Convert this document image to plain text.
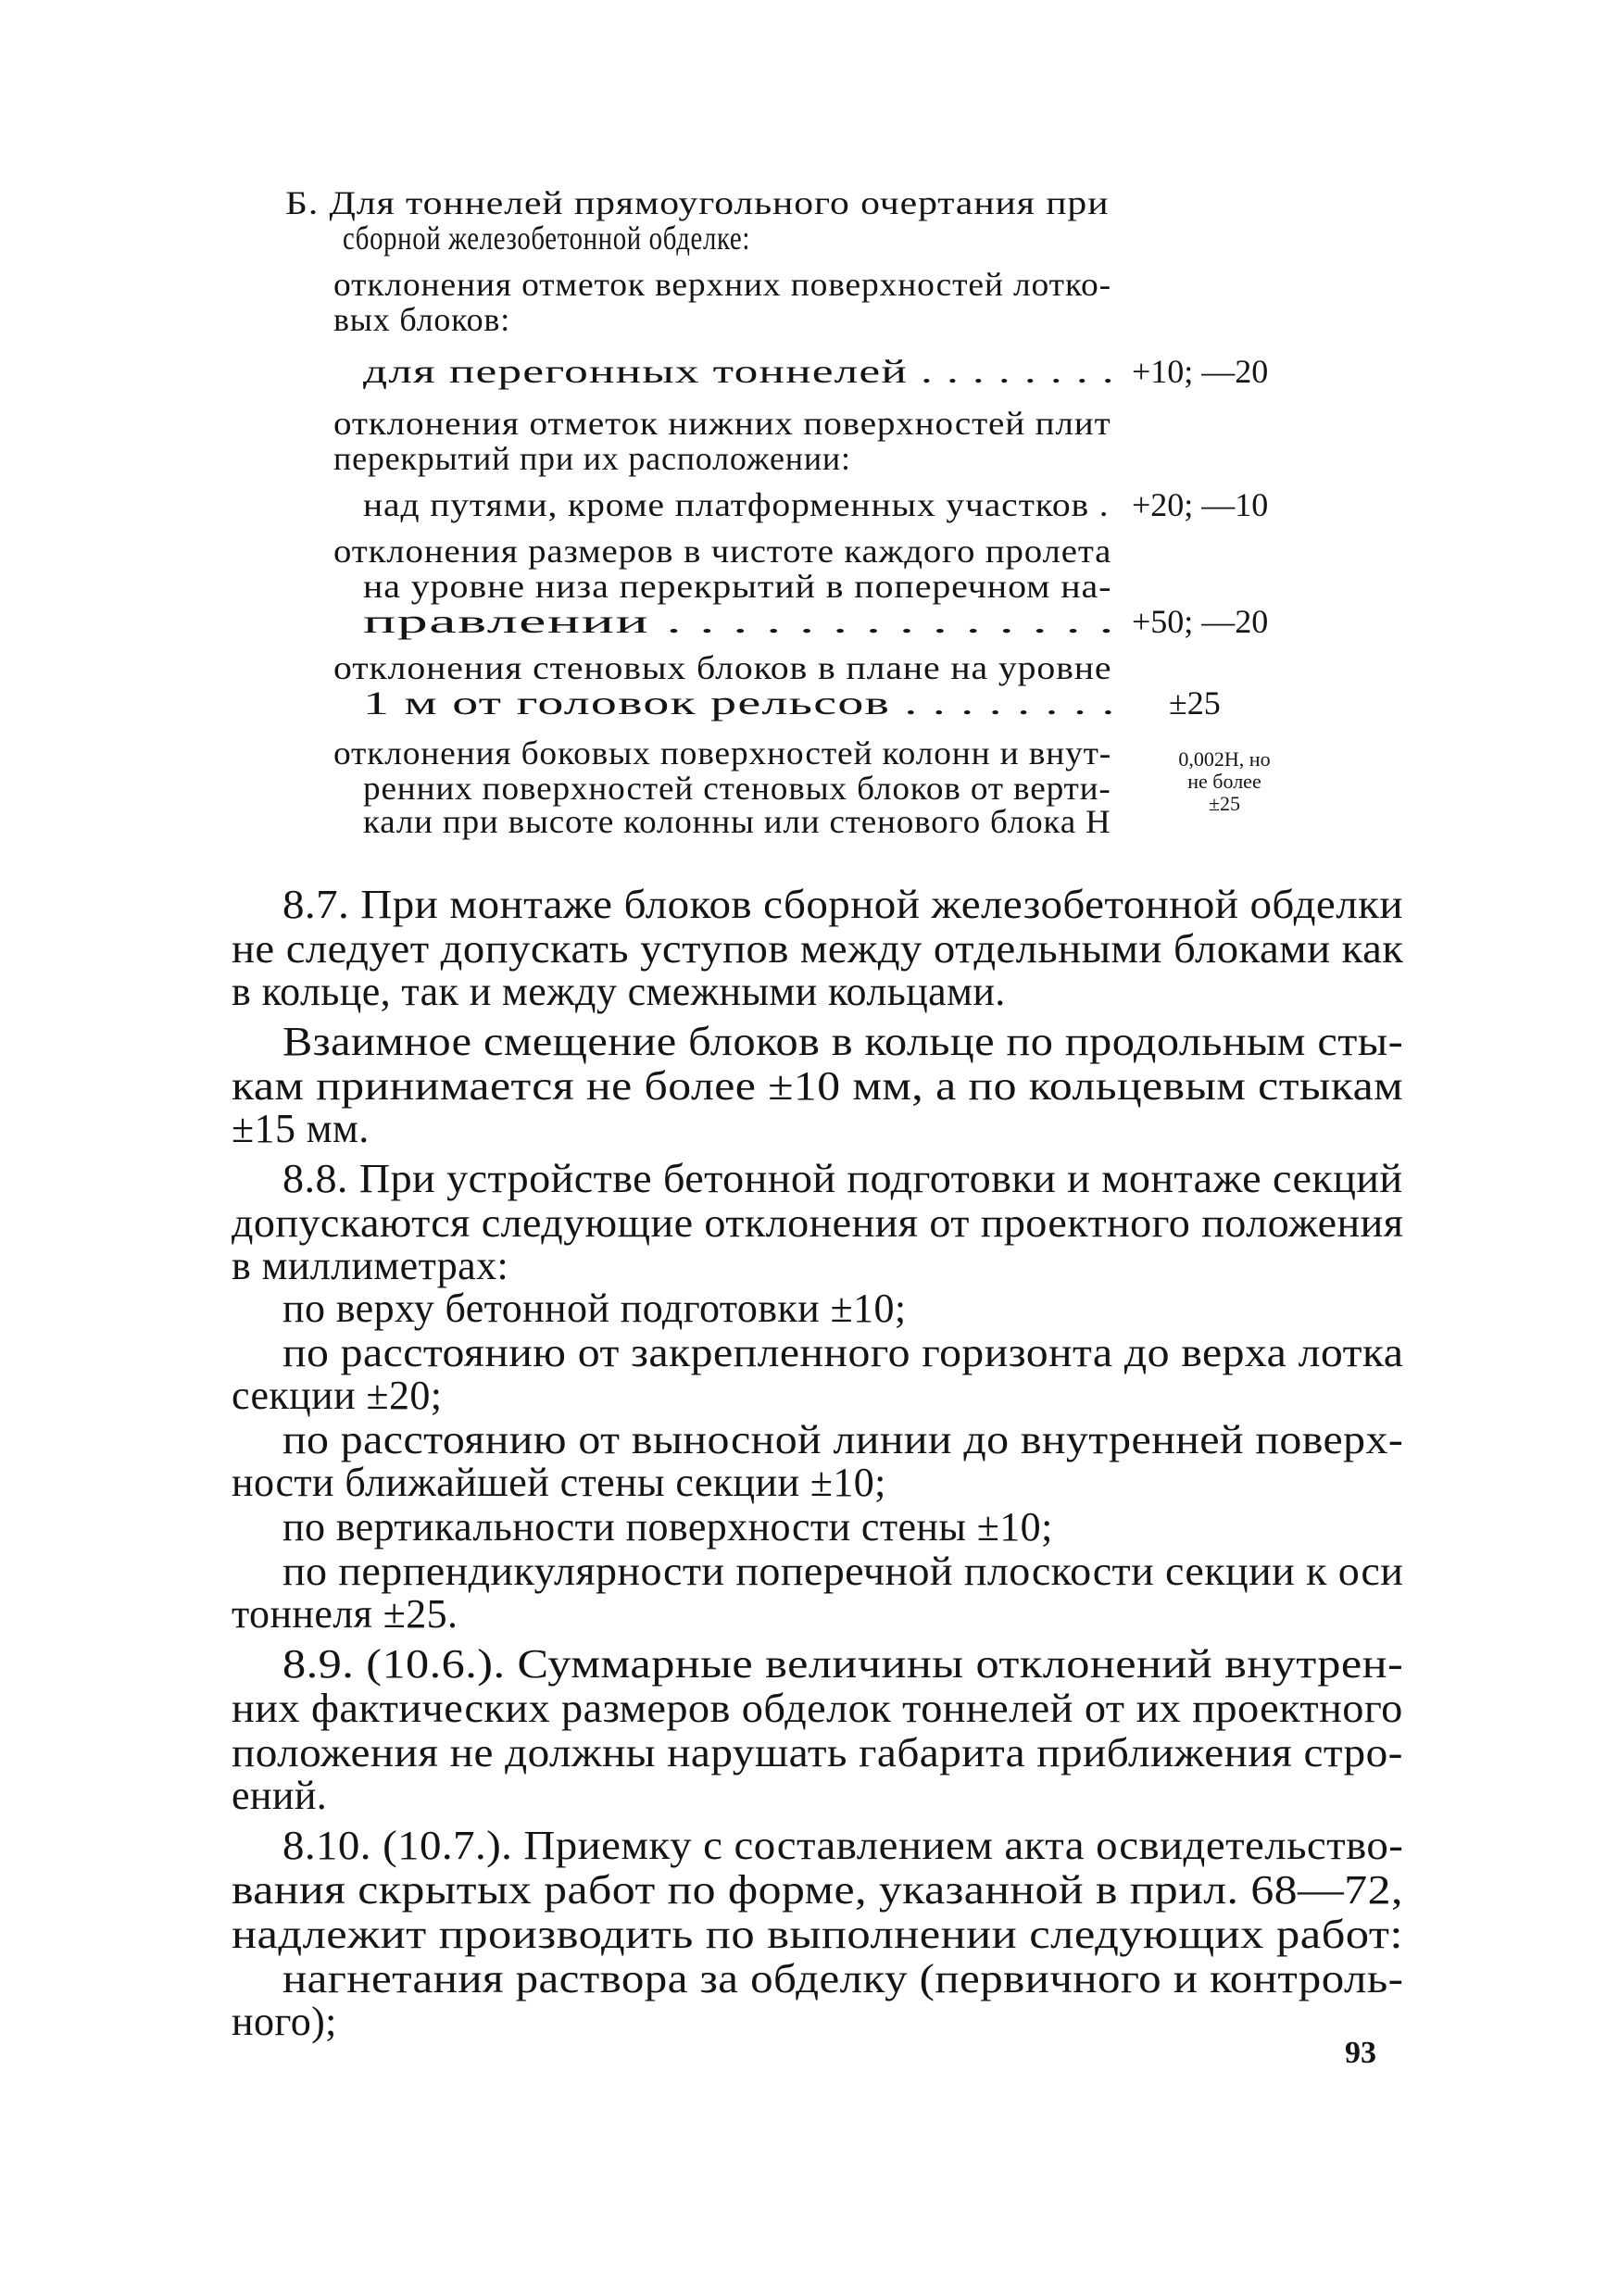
Б. Для тоннелей прямоугольного очертания при
сборной железобетонной обделке:
отклонения отметок верхних поверхностей лотко-
вых блоков:
для перегонных тоннелей . . . . . . . . +10; —20
отклонения отметок нижних поверхностей плит
перекрытий при их расположении:
над путями, кроме платформенных участков . +20; —10
отклонения размеров в чистоте каждого пролета
на уровне низа перекрытий в поперечном на-
правлении . . . . . . . . . . . . . . +50; —20
отклонения стеновых блоков в плане на уровне
1 м от головок рельсов . . . . . . . . ±25
отклонения боковых поверхностей колонн и внут-
ренних поверхностей стеновых блоков от верти-
кали при высоте колонны или стенового блока H
0,002H, но
не более
±25
8.7. При монтаже блоков сборной железобетонной обделки
не следует допускать уступов между отдельными блоками как
в кольце, так и между смежными кольцами.
Взаимное смещение блоков в кольце по продольным сты-
кам принимается не более ±10 мм, а по кольцевым стыкам
±15 мм.
8.8. При устройстве бетонной подготовки и монтаже секций
допускаются следующие отклонения от проектного положения
в миллиметрах:
по верху бетонной подготовки ±10;
по расстоянию от закрепленного горизонта до верха лотка
секции ±20;
по расстоянию от выносной линии до внутренней поверх-
ности ближайшей стены секции ±10;
по вертикальности поверхности стены ±10;
по перпендикулярности поперечной плоскости секции к оси
тоннеля ±25.
8.9. (10.6.). Суммарные величины отклонений внутрен-
них фактических размеров обделок тоннелей от их проектного
положения не должны нарушать габарита приближения стро-
ений.
8.10. (10.7.). Приемку с составлением акта освидетельство-
вания скрытых работ по форме, указанной в прил. 68—72,
надлежит производить по выполнении следующих работ:
нагнетания раствора за обделку (первичного и контроль-
ного);
93
